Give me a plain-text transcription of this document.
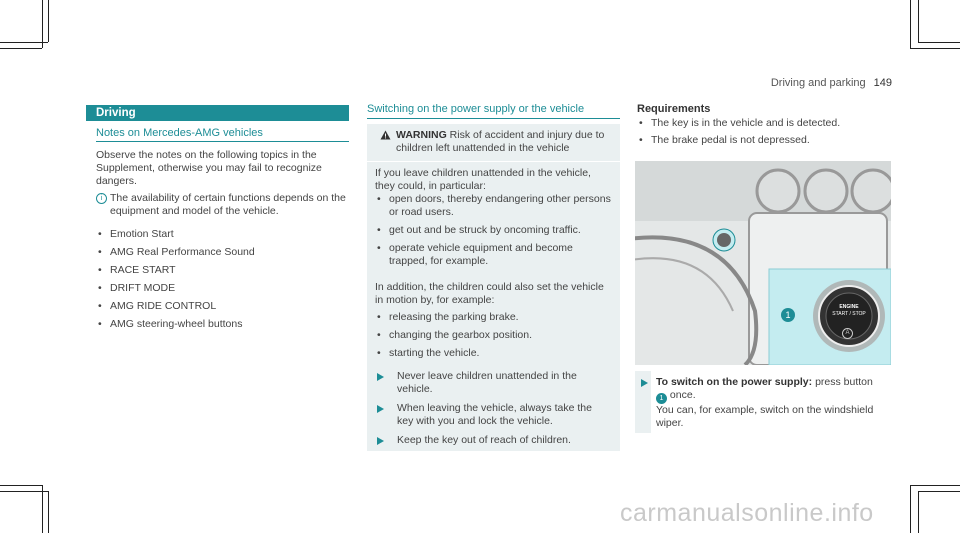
Driving and parking 149
Driving
Notes on Mercedes-AMG vehicles

Observe the notes on the following topics in the Supplement, otherwise you may fail to recognize dangers.

i The availability of certain functions depends on the equipment and model of the vehicle.

• Emotion Start
• AMG Real Performance Sound
• RACE START
• DRIFT MODE
• AMG RIDE CONTROL
• AMG steering-wheel buttons
Switching on the power supply or the vehicle
WARNING Risk of accident and injury due to children left unattended in the vehicle

If you leave children unattended in the vehicle, they could, in particular:

• open doors, thereby endangering other persons or road users.
• get out and be struck by oncoming traffic.
• operate vehicle equipment and become trapped, for example.

In addition, the children could also set the vehicle in motion by, for example:

• releasing the parking brake.
• changing the gearbox position.
• starting the vehicle.

Never leave children unattended in the vehicle.

When leaving the vehicle, always take the key with you and lock the vehicle.

Keep the key out of reach of children.

Requirements
• The key is in the vehicle and is detected.
• The brake pedal is not depressed.
ENGINE
START / STOP
A
1

To switch on the power supply: press button
1 once.
You can, for example, switch on the windshield wiper.

carmanualsonline.info
